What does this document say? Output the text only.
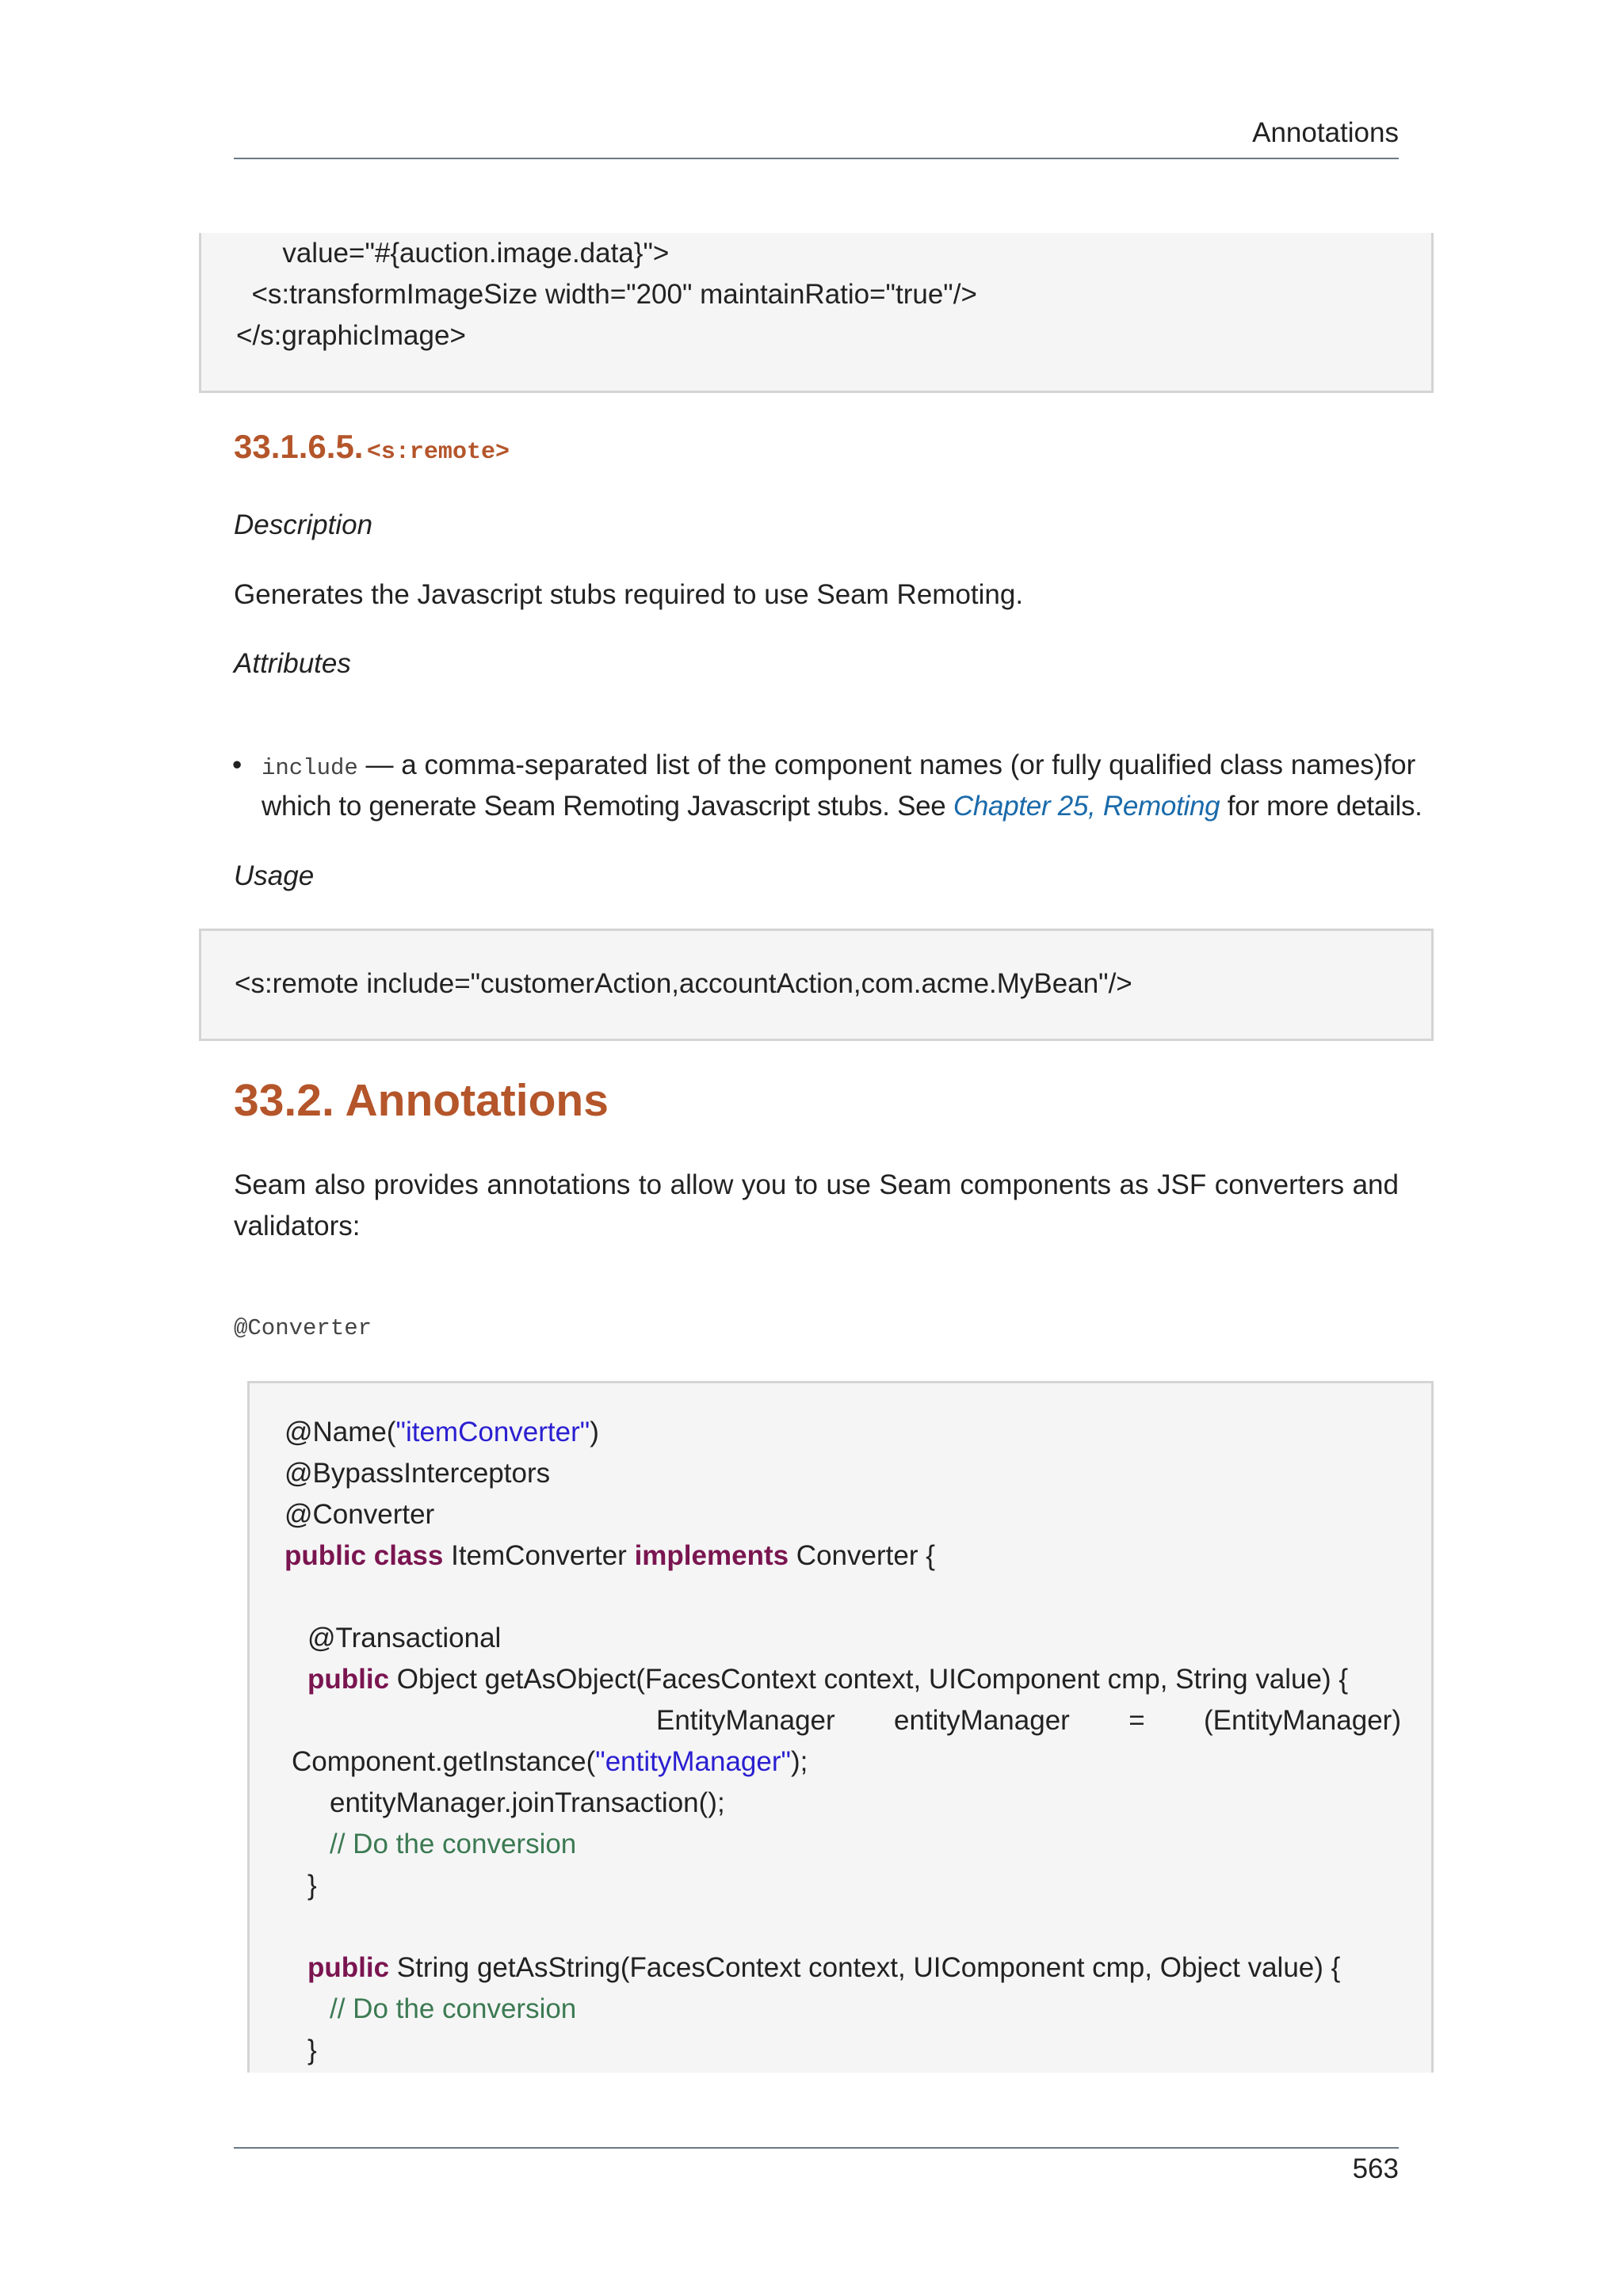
Annotations
value="#{auction.image.data}">
<s:transformImageSize width="200" maintainRatio="true"/>
</s:graphicImage>
33.1.6.5. <s:remote>
Description
Generates the Javascript stubs required to use Seam Remoting.
Attributes
• include — a comma-separated list of the component names (or fully qualified class names)for
which to generate Seam Remoting Javascript stubs. See Chapter 25, Remoting for more details.
Usage
<s:remote include="customerAction,accountAction,com.acme.MyBean"/>
33.2. Annotations
Seam also provides annotations to allow you to use Seam components as JSF converters and
validators:
@Converter
@Name("itemConverter")
@BypassInterceptors
@Converter
public class ItemConverter implements Converter {
@Transactional
public Object getAsObject(FacesContext context, UIComponent cmp, String value) {
EntityManager entityManager = (EntityManager)
Component.getInstance("entityManager");
entityManager.joinTransaction();
// Do the conversion
}
public String getAsString(FacesContext context, UIComponent cmp, Object value) {
// Do the conversion
}
563
